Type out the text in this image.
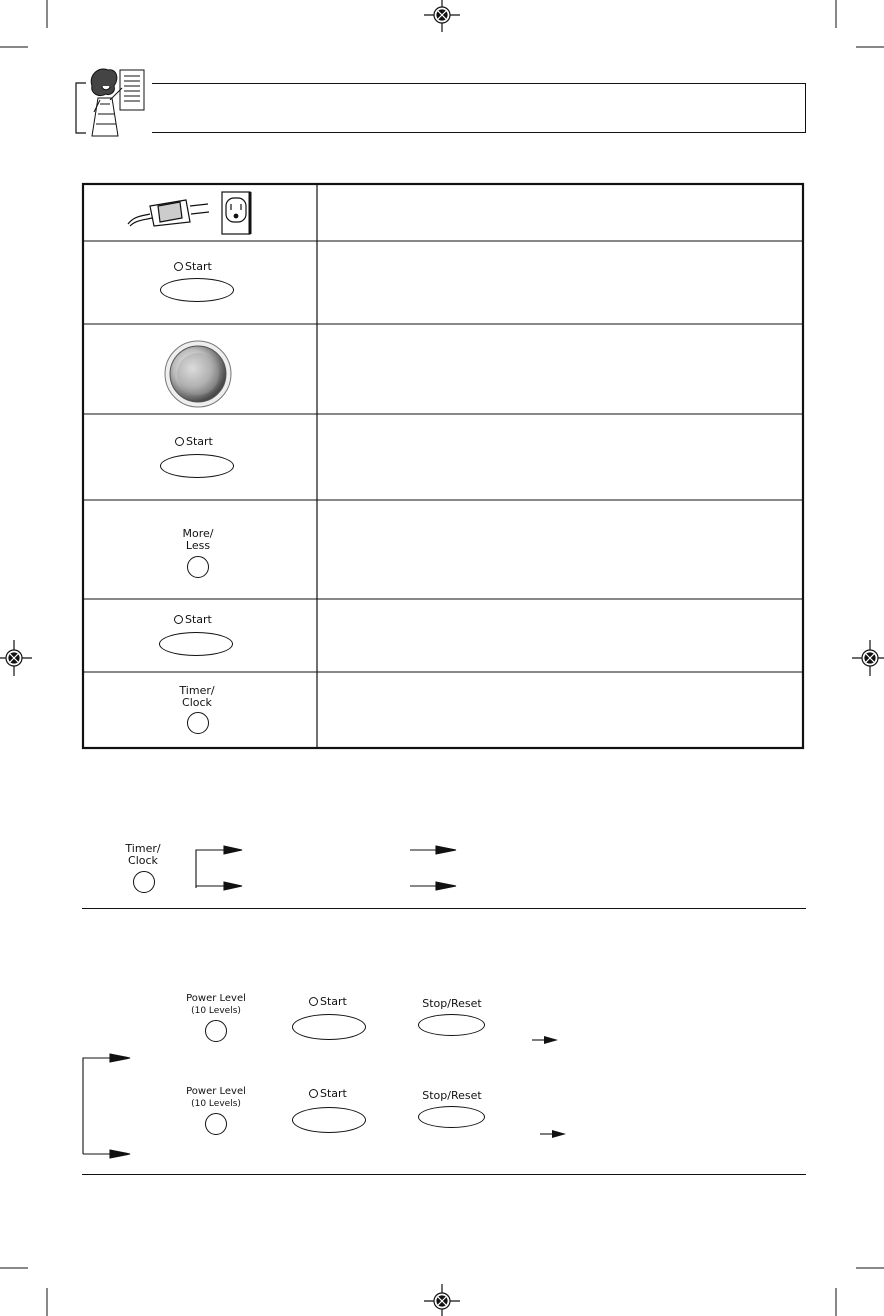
Start
Start
More/
Less
Start
Timer/
Clock
Timer/
Clock
Power Level
(10 Levels)
Start	Stop/Reset
Power Level
(10 Levels)
Start	Stop/Reset
